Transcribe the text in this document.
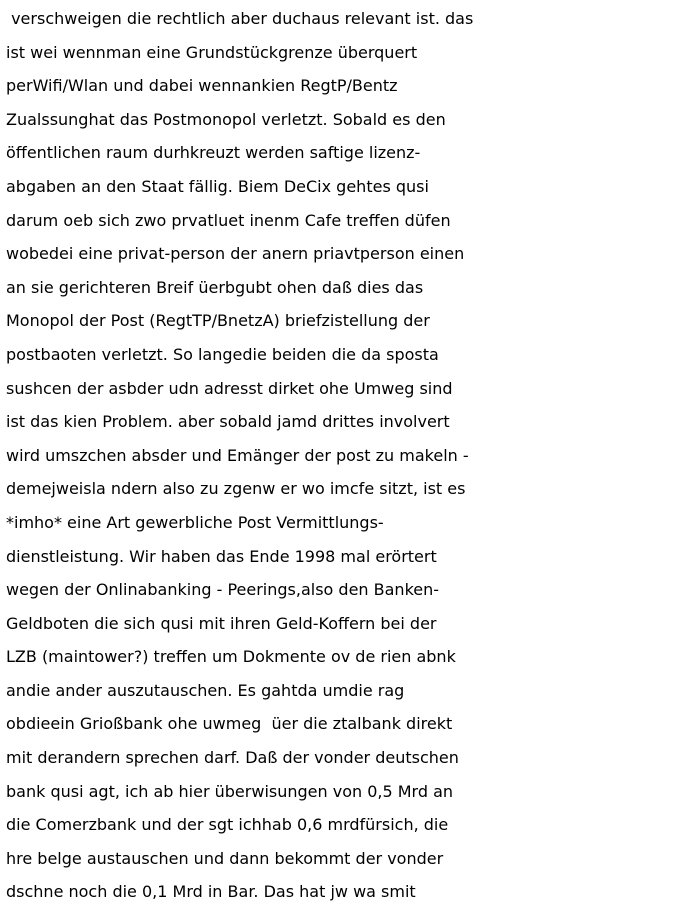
verschweigen die rechtlich aber duchaus relevant ist. das
ist wei wennman eine Grundstückgrenze überquert
perWifi/Wlan und dabei wennankien RegtP/Bentz
Zualssunghat das Postmonopol verletzt. Sobald es den
öffentlichen raum durhkreuzt werden saftige lizenz-
abgaben an den Staat fällig. Biem DeCix gehtes qusi
darum oeb sich zwo prvatluet inenm Cafe treffen düfen
wobedei eine privat-person der anern priavtperson einen
an sie gerichteren Breif üerbgubt ohen daß dies das
Monopol der Post (RegtTP/BnetzA) briefzistellung der
postbaoten verletzt. So langedie beiden die da sposta
sushcen der asbder udn adresst dirket ohe Umweg sind
ist das kien Problem. aber sobald jamd drittes involvert
wird umszchen absder und Emänger der post zu makeln -
demejweisla ndern also zu zgenw er wo imcfe sitzt, ist es
*imho* eine Art gewerbliche Post Vermittlungs-
dienstleistung. Wir haben das Ende 1998 mal erörtert
wegen der Onlinabanking - Peerings,also den Banken-
Geldboten die sich qusi mit ihren Geld-Koffern bei der
LZB (maintower?) treffen um Dokmente ov de rien abnk
andie ander auszutauschen. Es gahtda umdie rag
obdieein Grioßbank ohe uwmeg  üer die ztalbank direkt
mit derandern sprechen darf. Daß der vonder deutschen
bank qusi agt, ich ab hier überwisungen von 0,5 Mrd an
die Comerzbank und der sgt ichhab 0,6 mrdfürsich, die
hre belge austauschen und dann bekommt der vonder
dschne noch die 0,1 Mrd in Bar. Das hat jw wa smit
